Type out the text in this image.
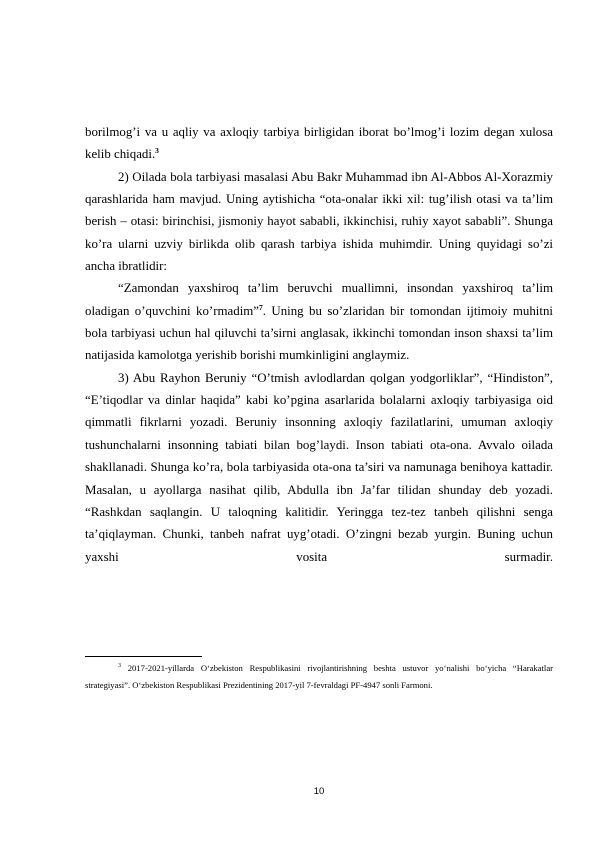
borilmog’i va u aqliy va axloqiy tarbiya birligidan iborat bo’lmog’i lozim degan xulosa kelib chiqadi.$^3$

2) Oilada bola tarbiyasi masalasi Abu Bakr Muhammad ibn Al-Abbos Al-Xorazmiy qarashlarida ham mavjud. Uning aytishicha “ota-onalar ikki xil: tug’ilish otasi va ta’lim berish – otasi: birinchisi, jismoniy hayot sababli, ikkinchisi, ruhiy xayot sababli”. Shunga ko’ra ularni uzviy birlikda olib qarash tarbiya ishida muhimdir. Uning quyidagi so’zi ancha ibratlidir:

“Zamondan yaxshiroq ta’lim beruvchi muallimni, insondan yaxshiroq ta’lim oladigan o’quvchini ko’rmadim”$^7$. Uning bu so’zlaridan bir tomondan ijtimoiy muhitni bola tarbiyasi uchun hal qiluvchi ta’sirni anglasak, ikkinchi tomondan inson shaxsi ta’lim natijasida kamolotga yerishib borishi mumkinligini anglaymiz.

3) Abu Rayhon Beruniy “O’tmish avlodlardan qolgan yodgorliklar”, “Hindiston”, “E’tiqodlar va dinlar haqida” kabi ko’pgina asarlarida bolalarni axloqiy tarbiyasiga oid qimmatli fikrlarni yozadi. Beruniy insonning axloqiy fazilatlarini, umuman axloqiy tushunchalarni insonning tabiati bilan bog’laydi. Inson tabiati ota-ona. Avvalo oilada shakllanadi. Shunga ko’ra, bola tarbiyasida ota-ona ta’siri va namunaga benihoya kattadir. Masalan, u ayollarga nasihat qilib, Abdulla ibn Ja’far tilidan shunday deb yozadi. “Rashkdan saqlangin. U taloqning kalitidir. Yeringga tez-tez tanbeh qilishni senga ta’qiqlayman. Chunki, tanbeh nafrat uyg’otadi. O’zingni bezab yurgin. Buning uchun yaxshi vosita surmadir.

$^3$ 2017-2021-yillarda O‘zbekiston Respublikasini rivojlantirishning beshta ustuvor yo‘nalishi bo‘yicha “Harakatlar strategiyasi”. O‘zbekiston Respublikasi Prezidentining 2017-yil 7-fevraldagi PF-4947 sonli Farmoni.
10
